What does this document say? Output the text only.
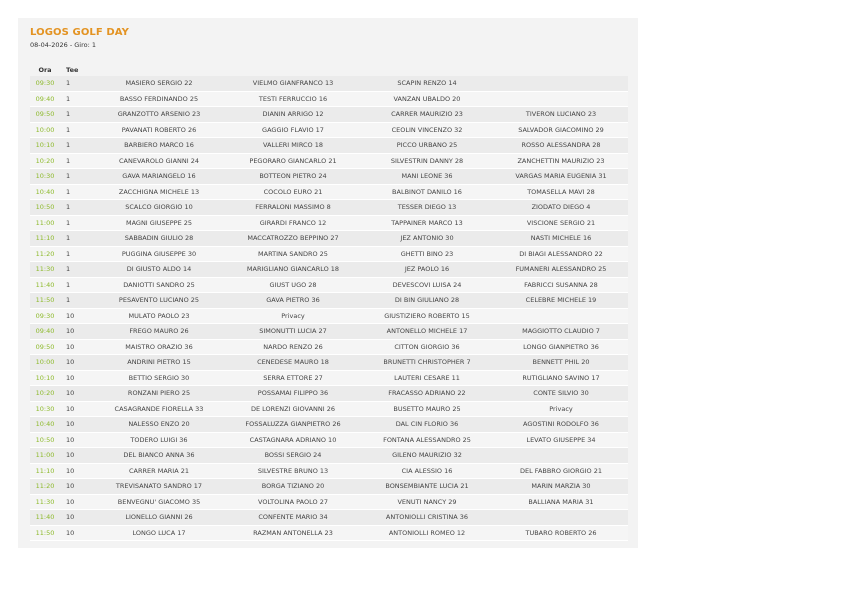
LOGOS GOLF DAY
08-04-2026 - Giro: 1
Ora	Tee				
09:30	1	MASIERO SERGIO 22	VIELMO GIANFRANCO 13	SCAPIN RENZO 14	
09:40	1	BASSO FERDINANDO 25	TESTI FERRUCCIO 16	VANZAN UBALDO 20	
09:50	1	GRANZOTTO ARSENIO 23	DIANIN ARRIGO 12	CARRER MAURIZIO 23	TIVERON LUCIANO 23
10:00	1	PAVANATI ROBERTO 26	GAGGIO FLAVIO 17	CEOLIN VINCENZO 32	SALVADOR GIACOMINO 29
10:10	1	BARBIERO MARCO 16	VALLERI MIRCO 18	PICCO URBANO 25	ROSSO ALESSANDRA 28
10:20	1	CANEVAROLO GIANNI 24	PEGORARO GIANCARLO 21	SILVESTRIN DANNY 28	ZANCHETTIN MAURIZIO 23
10:30	1	GAVA MARIANGELO 16	BOTTEON PIETRO 24	MANI LEONE 36	VARGAS MARIA EUGENIA 31
10:40	1	ZACCHIGNA MICHELE 13	COCOLO EURO 21	BALBINOT DANILO 16	TOMASELLA MAVI 28
10:50	1	SCALCO GIORGIO 10	FERRALONI MASSIMO 8	TESSER DIEGO 13	ZIODATO DIEGO 4
11:00	1	MAGNI GIUSEPPE 25	GIRARDI FRANCO 12	TAPPAINER MARCO 13	VISCIONE SERGIO 21
11:10	1	SABBADIN GIULIO 28	MACCATROZZO BEPPINO 27	JEZ ANTONIO 30	NASTI MICHELE 16
11:20	1	PUGGINA GIUSEPPE 30	MARTINA SANDRO 25	GHETTI BINO 23	DI BIAGI ALESSANDRO 22
11:30	1	DI GIUSTO ALDO 14	MARIGLIANO GIANCARLO 18	JEZ PAOLO 16	FUMANERI ALESSANDRO 25
11:40	1	DANIOTTI SANDRO 25	GIUST UGO 28	DEVESCOVI LUISA 24	FABRICCI SUSANNA 28
11:50	1	PESAVENTO LUCIANO 25	GAVA PIETRO 36	DI BIN GIULIANO 28	CELEBRE MICHELE 19
09:30	10	MULATO PAOLO 23	Privacy	GIUSTIZIERO ROBERTO 15	
09:40	10	FREGO MAURO 26	SIMONUTTI LUCIA 27	ANTONELLO MICHELE 17	MAGGIOTTO CLAUDIO 7
09:50	10	MAISTRO ORAZIO 36	NARDO RENZO 26	CITTON GIORGIO 36	LONGO GIANPIETRO 36
10:00	10	ANDRINI PIETRO 15	CENEDESE MAURO 18	BRUNETTI CHRISTOPHER 7	BENNETT PHIL 20
10:10	10	BETTIO SERGIO 30	SERRA ETTORE 27	LAUTERI CESARE 11	RUTIGLIANO SAVINO 17
10:20	10	RONZANI PIERO 25	POSSAMAI FILIPPO 36	FRACASSO ADRIANO 22	CONTE SILVIO 30
10:30	10	CASAGRANDE FIORELLA 33	DE LORENZI GIOVANNI 26	BUSETTO MAURO 25	Privacy
10:40	10	NALESSO ENZO 20	FOSSALUZZA GIANPIETRO 26	DAL CIN FLORIO 36	AGOSTINI RODOLFO 36
10:50	10	TODERO LUIGI 36	CASTAGNARA ADRIANO 10	FONTANA ALESSANDRO 25	LEVATO GIUSEPPE 34
11:00	10	DEL BIANCO ANNA 36	BOSSI SERGIO 24	GILENO MAURIZIO 32	
11:10	10	CARRER MARIA 21	SILVESTRE BRUNO 13	CIA ALESSIO 16	DEL FABBRO GIORGIO 21
11:20	10	TREVISANATO SANDRO 17	BORGA TIZIANO 20	BONSEMBIANTE LUCIA 21	MARIN MARZIA 30
11:30	10	BENVEGNU' GIACOMO 35	VOLTOLINA PAOLO 27	VENUTI NANCY 29	BALLIANA MARIA 31
11:40	10	LIONELLO GIANNI 26	CONFENTE MARIO 34	ANTONIOLLI CRISTINA 36	
11:50	10	LONGO LUCA 17	RAZMAN ANTONELLA 23	ANTONIOLLI ROMEO 12	TUBARO ROBERTO 26
